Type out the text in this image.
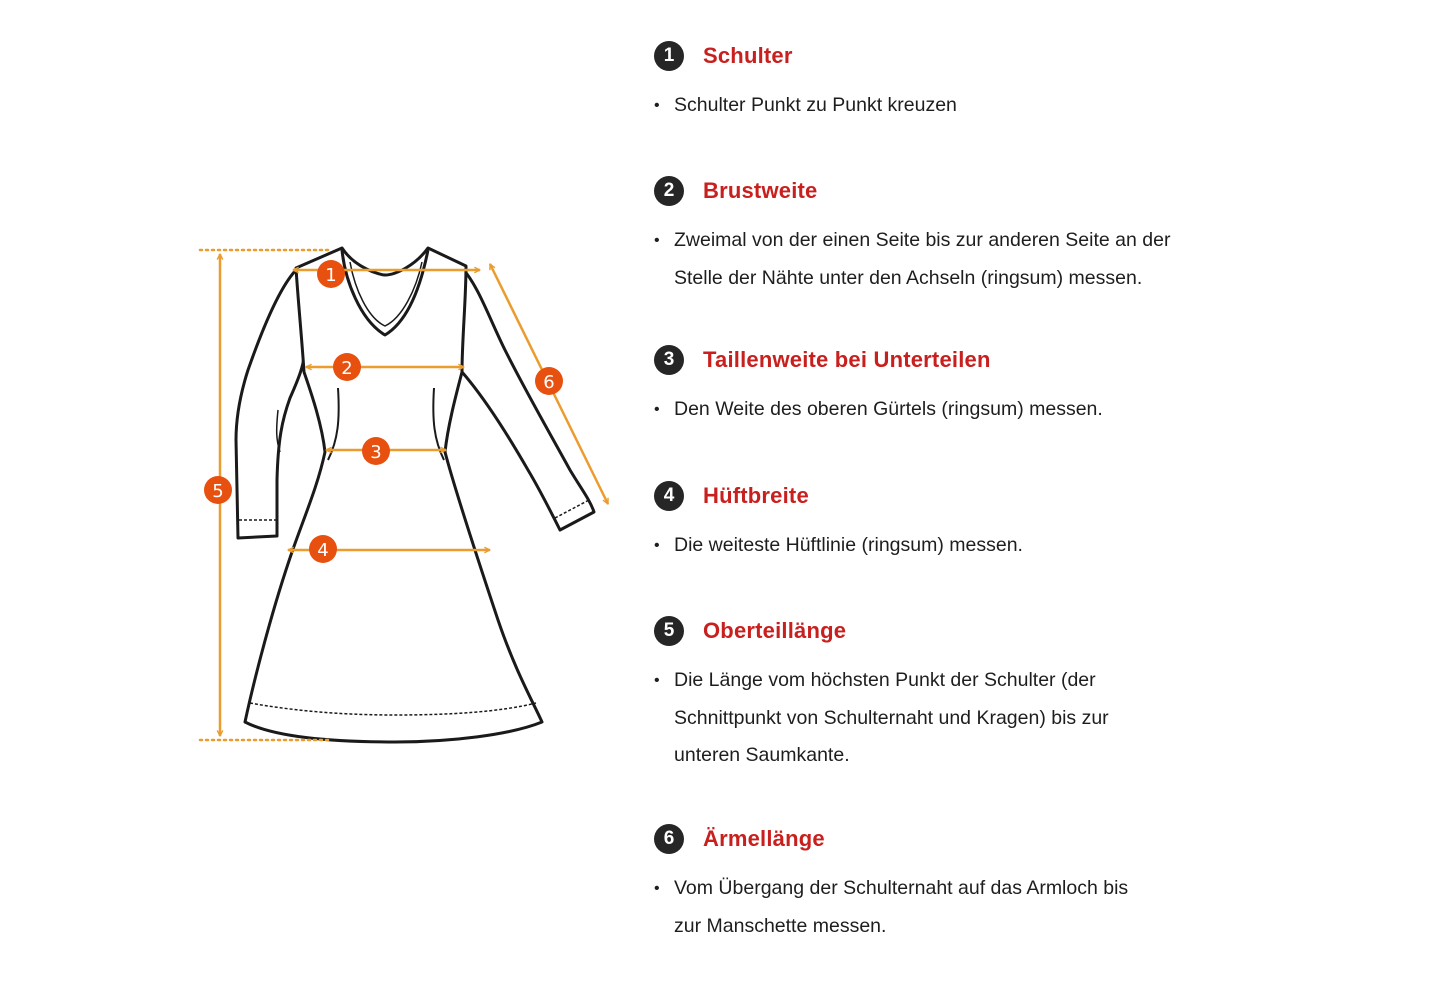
1
2
3
4
5
6
1	Schulter
• Schulter Punkt zu Punkt kreuzen
2	Brustweite
• Zweimal von der einen Seite bis zur anderen Seite an der
Stelle der Nähte unter den Achseln (ringsum) messen.
3	Taillenweite bei Unterteilen
• Den Weite des oberen Gürtels (ringsum) messen.
4	Hüftbreite
• Die weiteste Hüftlinie (ringsum) messen.
5	Oberteillänge
• Die Länge vom höchsten Punkt der Schulter (der
Schnittpunkt von Schulternaht und Kragen) bis zur
unteren Saumkante.
6	Ärmellänge
• Vom Übergang der Schulternaht auf das Armloch bis
zur Manschette messen.
